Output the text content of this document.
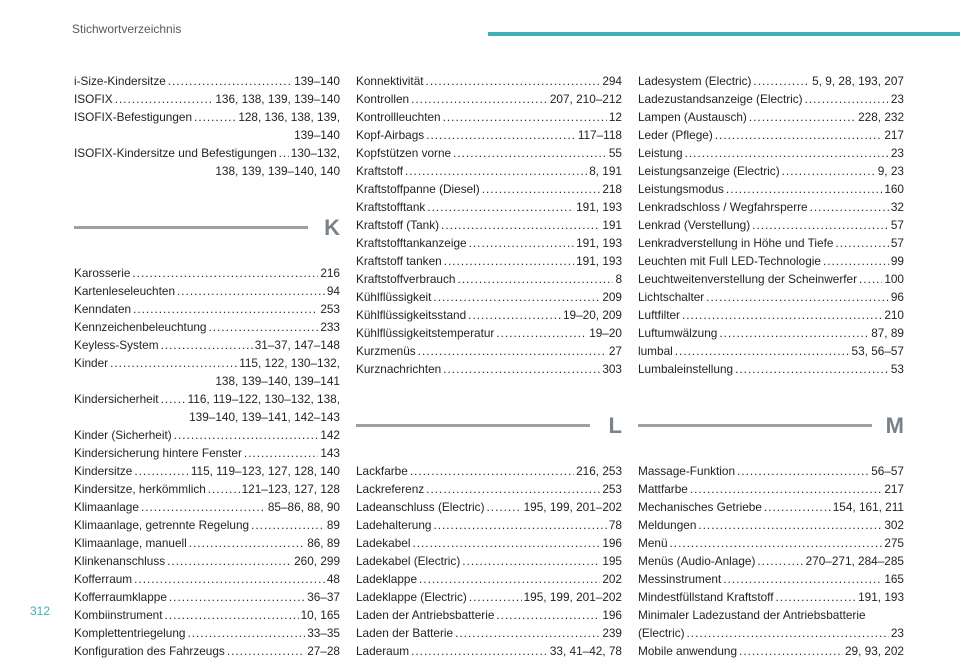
Stichwortverzeichnis
i-Size-Kindersitze .....	139–140
ISOFIX .....	136, 138, 139, 139–140
ISOFIX-Befestigungen .....	128, 136, 138, 139,
139–140
ISOFIX-Kindersitze und Befestigungen ..... 130–132,
138, 139, 139–140, 140
K
Karosserie .....	216
Kartenleseleuchten .....	94
Kenndaten .....	253
Kennzeichenbeleuchtung .....	233
Keyless-System .....	31–37, 147–148
Kinder .....	115, 122, 130–132,
138, 139–140, 139–141
Kindersicherheit ..... 116, 119–122, 130–132, 138,
139–140, 139–141, 142–143
Kinder (Sicherheit) .....	142
Kindersicherung hintere Fenster .....	143
Kindersitze .....	115, 119–123, 127, 128, 140
Kindersitze, herkömmlich .....	121–123, 127, 128
Klimaanlage .....	85–86, 88, 90
Klimaanlage, getrennte Regelung .....	89
Klimaanlage, manuell .....	86, 89
Klinkenanschluss .....	260, 299
Kofferraum .....	48
Kofferraumklappe .....	36–37
Kombiinstrument .....	10, 165
Komplettentriegelung .....	33–35
Konfiguration des Fahrzeugs .....	27–28
Konnektivität .....	294
Kontrollen .....	207, 210–212
Kontrollleuchten .....	12
Kopf-Airbags .....	117–118
Kopfstützen vorne .....	55
Kraftstoff .....	8, 191
Kraftstoffpanne (Diesel) .....	218
Kraftstofftank .....	191, 193
Kraftstoff (Tank) .....	191
Kraftstofftankanzeige .....	191, 193
Kraftstoff tanken .....	191, 193
Kraftstoffverbrauch .....	8
Kühlflüssigkeit .....	209
Kühlflüssigkeitsstand .....	19–20, 209
Kühlflüssigkeitstemperatur .....	19–20
Kurzmenüs .....	27
Kurznachrichten .....	303
L
Lackfarbe .....	216, 253
Lackreferenz .....	253
Ladeanschluss (Electric) .....	195, 199, 201–202
Ladehalterung .....	78
Ladekabel .....	196
Ladekabel (Electric) .....	195
Ladeklappe .....	202
Ladeklappe (Electric) .....	195, 199, 201–202
Laden der Antriebsbatterie .....	196
Laden der Batterie .....	239
Laderaum .....	33, 41–42, 78
Ladesystem (Electric) .....	5, 9, 28, 193, 207
Ladezustandsanzeige (Electric) .....	23
Lampen (Austausch) .....	228, 232
Leder (Pflege) .....	217
Leistung .....	23
Leistungsanzeige (Electric) .....	9, 23
Leistungsmodus .....	160
Lenkradschloss / Wegfahrsperre .....	32
Lenkrad (Verstellung) .....	57
Lenkradverstellung in Höhe und Tiefe .....	57
Leuchten mit Full LED-Technologie .....	99
Leuchtweitenverstellung der Scheinwerfer ..... 100
Lichtschalter .....	96
Luftfilter .....	210
Luftumwälzung .....	87, 89
lumbal .....	53, 56–57
Lumbaleinstellung .....	53
M
Massage-Funktion .....	56–57
Mattfarbe .....	217
Mechanisches Getriebe .....	154, 161, 211
Meldungen .....	302
Menü .....	275
Menüs (Audio-Anlage) .....	270–271, 284–285
Messinstrument .....	165
Mindestfüllstand Kraftstoff .....	191, 193
Minimaler Ladezustand der Antriebsbatterie
(Electric) .....	23
Mobile anwendung .....	29, 93, 202
312
